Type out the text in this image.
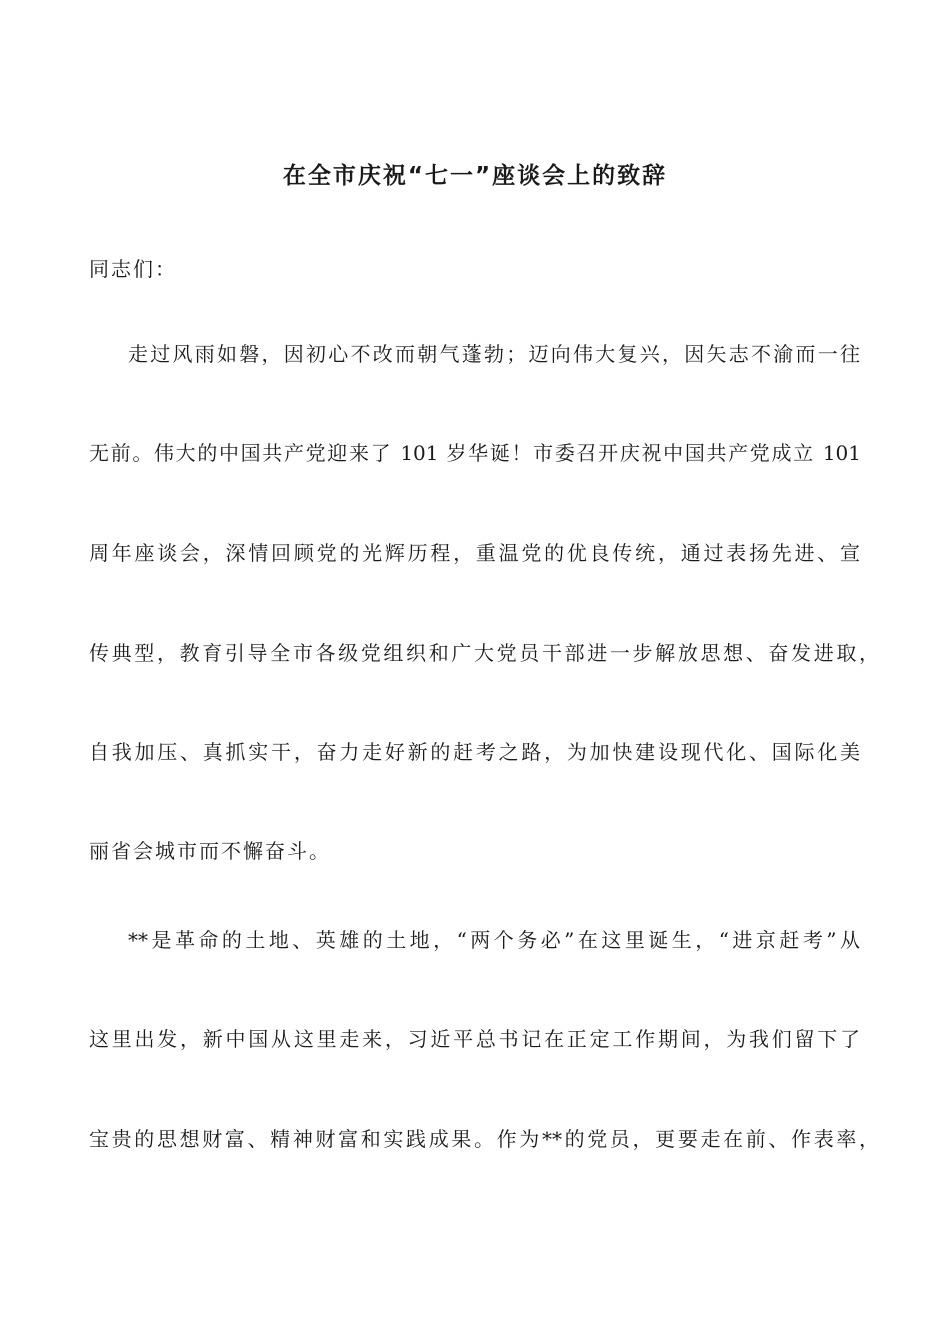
在全市庆祝“七一”座谈会上的致辞
同志们：
走过风雨如磐，因初心不改而朝气蓬勃；迈向伟大复兴，因矢志不渝而一往
无前。伟大的中国共产党迎来了 101 岁华诞！市委召开庆祝中国共产党成立 101
周年座谈会，深情回顾党的光辉历程，重温党的优良传统，通过表扬先进、宣
传典型，教育引导全市各级党组织和广大党员干部进一步解放思想、奋发进取，
自我加压、真抓实干，奋力走好新的赶考之路，为加快建设现代化、国际化美
丽省会城市而不懈奋斗。
**是革命的土地、英雄的土地，“两个务必”在这里诞生，“进京赶考”从
这里出发，新中国从这里走来，习近平总书记在正定工作期间，为我们留下了
宝贵的思想财富、精神财富和实践成果。作为**的党员，更要走在前、作表率，
